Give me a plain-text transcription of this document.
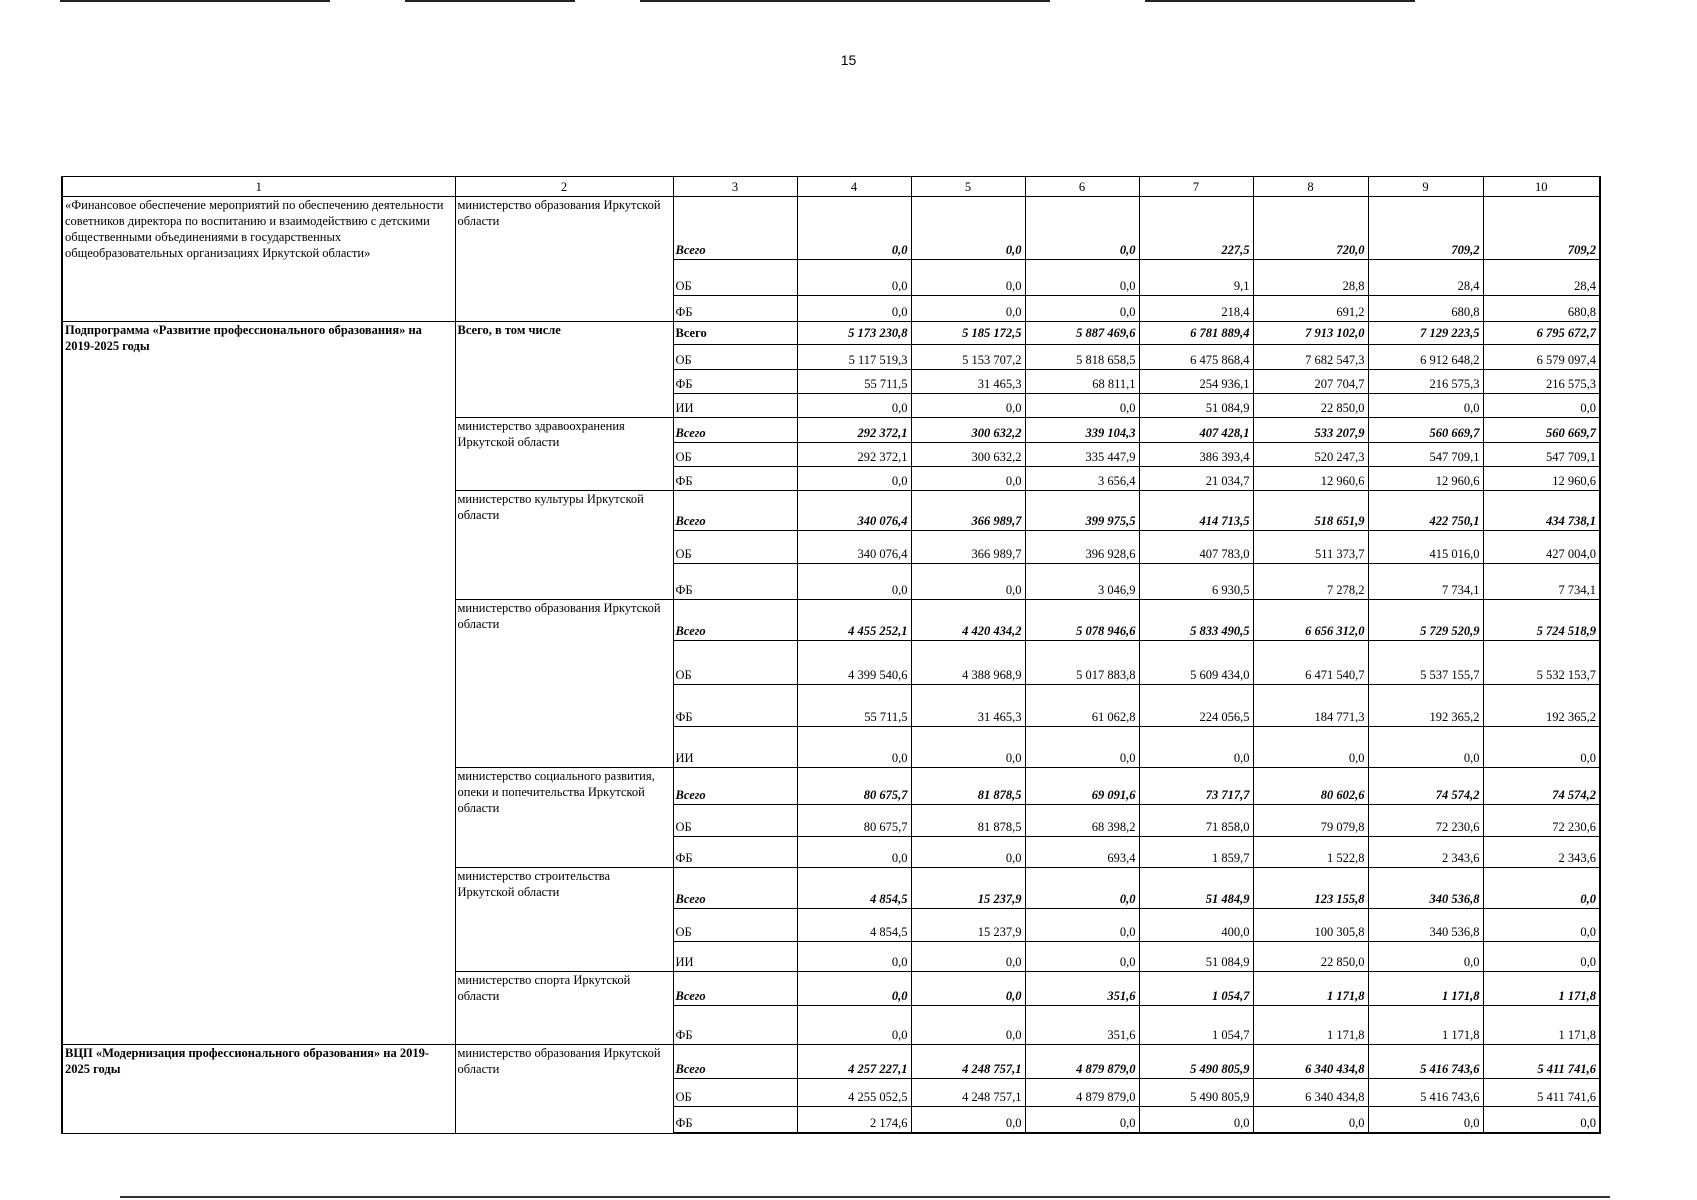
15
1	2	3	4	5	6	7	8	9	10
«Финансовое обеспечение мероприятий по обеспечению деятельности советников директора по воспитанию и взаимодействию с детскими общественными объединениями в государственных общеобразовательных организациях Иркутской области»	министерство образования Иркутской области	Всего	0,0	0,0	0,0	227,5	720,0	709,2	709,2
		ОБ	0,0	0,0	0,0	9,1	28,8	28,4	28,4
		ФБ	0,0	0,0	0,0	218,4	691,2	680,8	680,8
Подпрограмма «Развитие профессионального образования» на 2019-2025 годы	Всего, в том числе	Всего	5 173 230,8	5 185 172,5	5 887 469,6	6 781 889,4	7 913 102,0	7 129 223,5	6 795 672,7
		ОБ	5 117 519,3	5 153 707,2	5 818 658,5	6 475 868,4	7 682 547,3	6 912 648,2	6 579 097,4
		ФБ	55 711,5	31 465,3	68 811,1	254 936,1	207 704,7	216 575,3	216 575,3
		ИИ	0,0	0,0	0,0	51 084,9	22 850,0	0,0	0,0
	министерство здравоохранения Иркутской области	Всего	292 372,1	300 632,2	339 104,3	407 428,1	533 207,9	560 669,7	560 669,7
		ОБ	292 372,1	300 632,2	335 447,9	386 393,4	520 247,3	547 709,1	547 709,1
		ФБ	0,0	0,0	3 656,4	21 034,7	12 960,6	12 960,6	12 960,6
	министерство культуры Иркутской области	Всего	340 076,4	366 989,7	399 975,5	414 713,5	518 651,9	422 750,1	434 738,1
		ОБ	340 076,4	366 989,7	396 928,6	407 783,0	511 373,7	415 016,0	427 004,0
		ФБ	0,0	0,0	3 046,9	6 930,5	7 278,2	7 734,1	7 734,1
	министерство образования Иркутской области	Всего	4 455 252,1	4 420 434,2	5 078 946,6	5 833 490,5	6 656 312,0	5 729 520,9	5 724 518,9
		ОБ	4 399 540,6	4 388 968,9	5 017 883,8	5 609 434,0	6 471 540,7	5 537 155,7	5 532 153,7
		ФБ	55 711,5	31 465,3	61 062,8	224 056,5	184 771,3	192 365,2	192 365,2
		ИИ	0,0	0,0	0,0	0,0	0,0	0,0	0,0
	министерство социального развития, опеки и попечительства Иркутской области	Всего	80 675,7	81 878,5	69 091,6	73 717,7	80 602,6	74 574,2	74 574,2
		ОБ	80 675,7	81 878,5	68 398,2	71 858,0	79 079,8	72 230,6	72 230,6
		ФБ	0,0	0,0	693,4	1 859,7	1 522,8	2 343,6	2 343,6
	министерство строительства Иркутской области	Всего	4 854,5	15 237,9	0,0	51 484,9	123 155,8	340 536,8	0,0
		ОБ	4 854,5	15 237,9	0,0	400,0	100 305,8	340 536,8	0,0
		ИИ	0,0	0,0	0,0	51 084,9	22 850,0	0,0	0,0
	министерство спорта Иркутской области	Всего	0,0	0,0	351,6	1 054,7	1 171,8	1 171,8	1 171,8
		ФБ	0,0	0,0	351,6	1 054,7	1 171,8	1 171,8	1 171,8
ВЦП «Модернизация профессионального образования» на 2019-2025 годы	министерство образования Иркутской области	Всего	4 257 227,1	4 248 757,1	4 879 879,0	5 490 805,9	6 340 434,8	5 416 743,6	5 411 741,6
		ОБ	4 255 052,5	4 248 757,1	4 879 879,0	5 490 805,9	6 340 434,8	5 416 743,6	5 411 741,6
		ФБ	2 174,6	0,0	0,0	0,0	0,0	0,0	0,0
